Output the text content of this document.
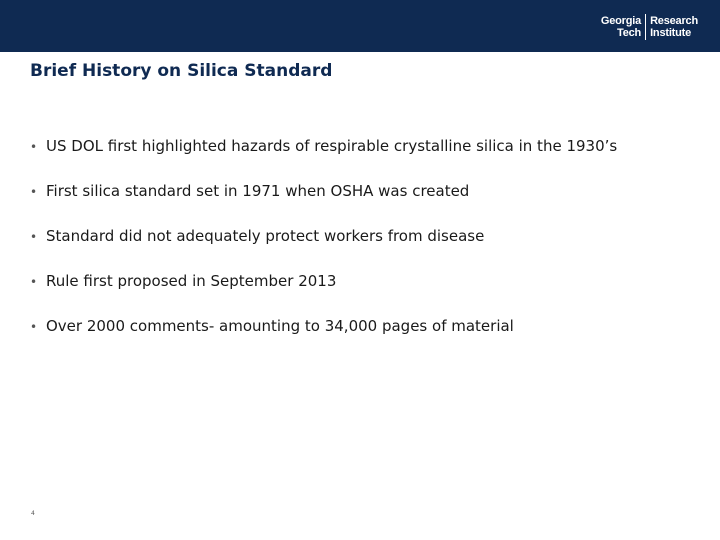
Georgia
Tech
Research
Institute
Brief History on Silica Standard
• US DOL first highlighted hazards of respirable crystalline silica in the 1930’s
• First silica standard set in 1971 when OSHA was created
• Standard did not adequately protect workers from disease
• Rule first proposed in September 2013
• Over 2000 comments- amounting to 34,000 pages of material
4
